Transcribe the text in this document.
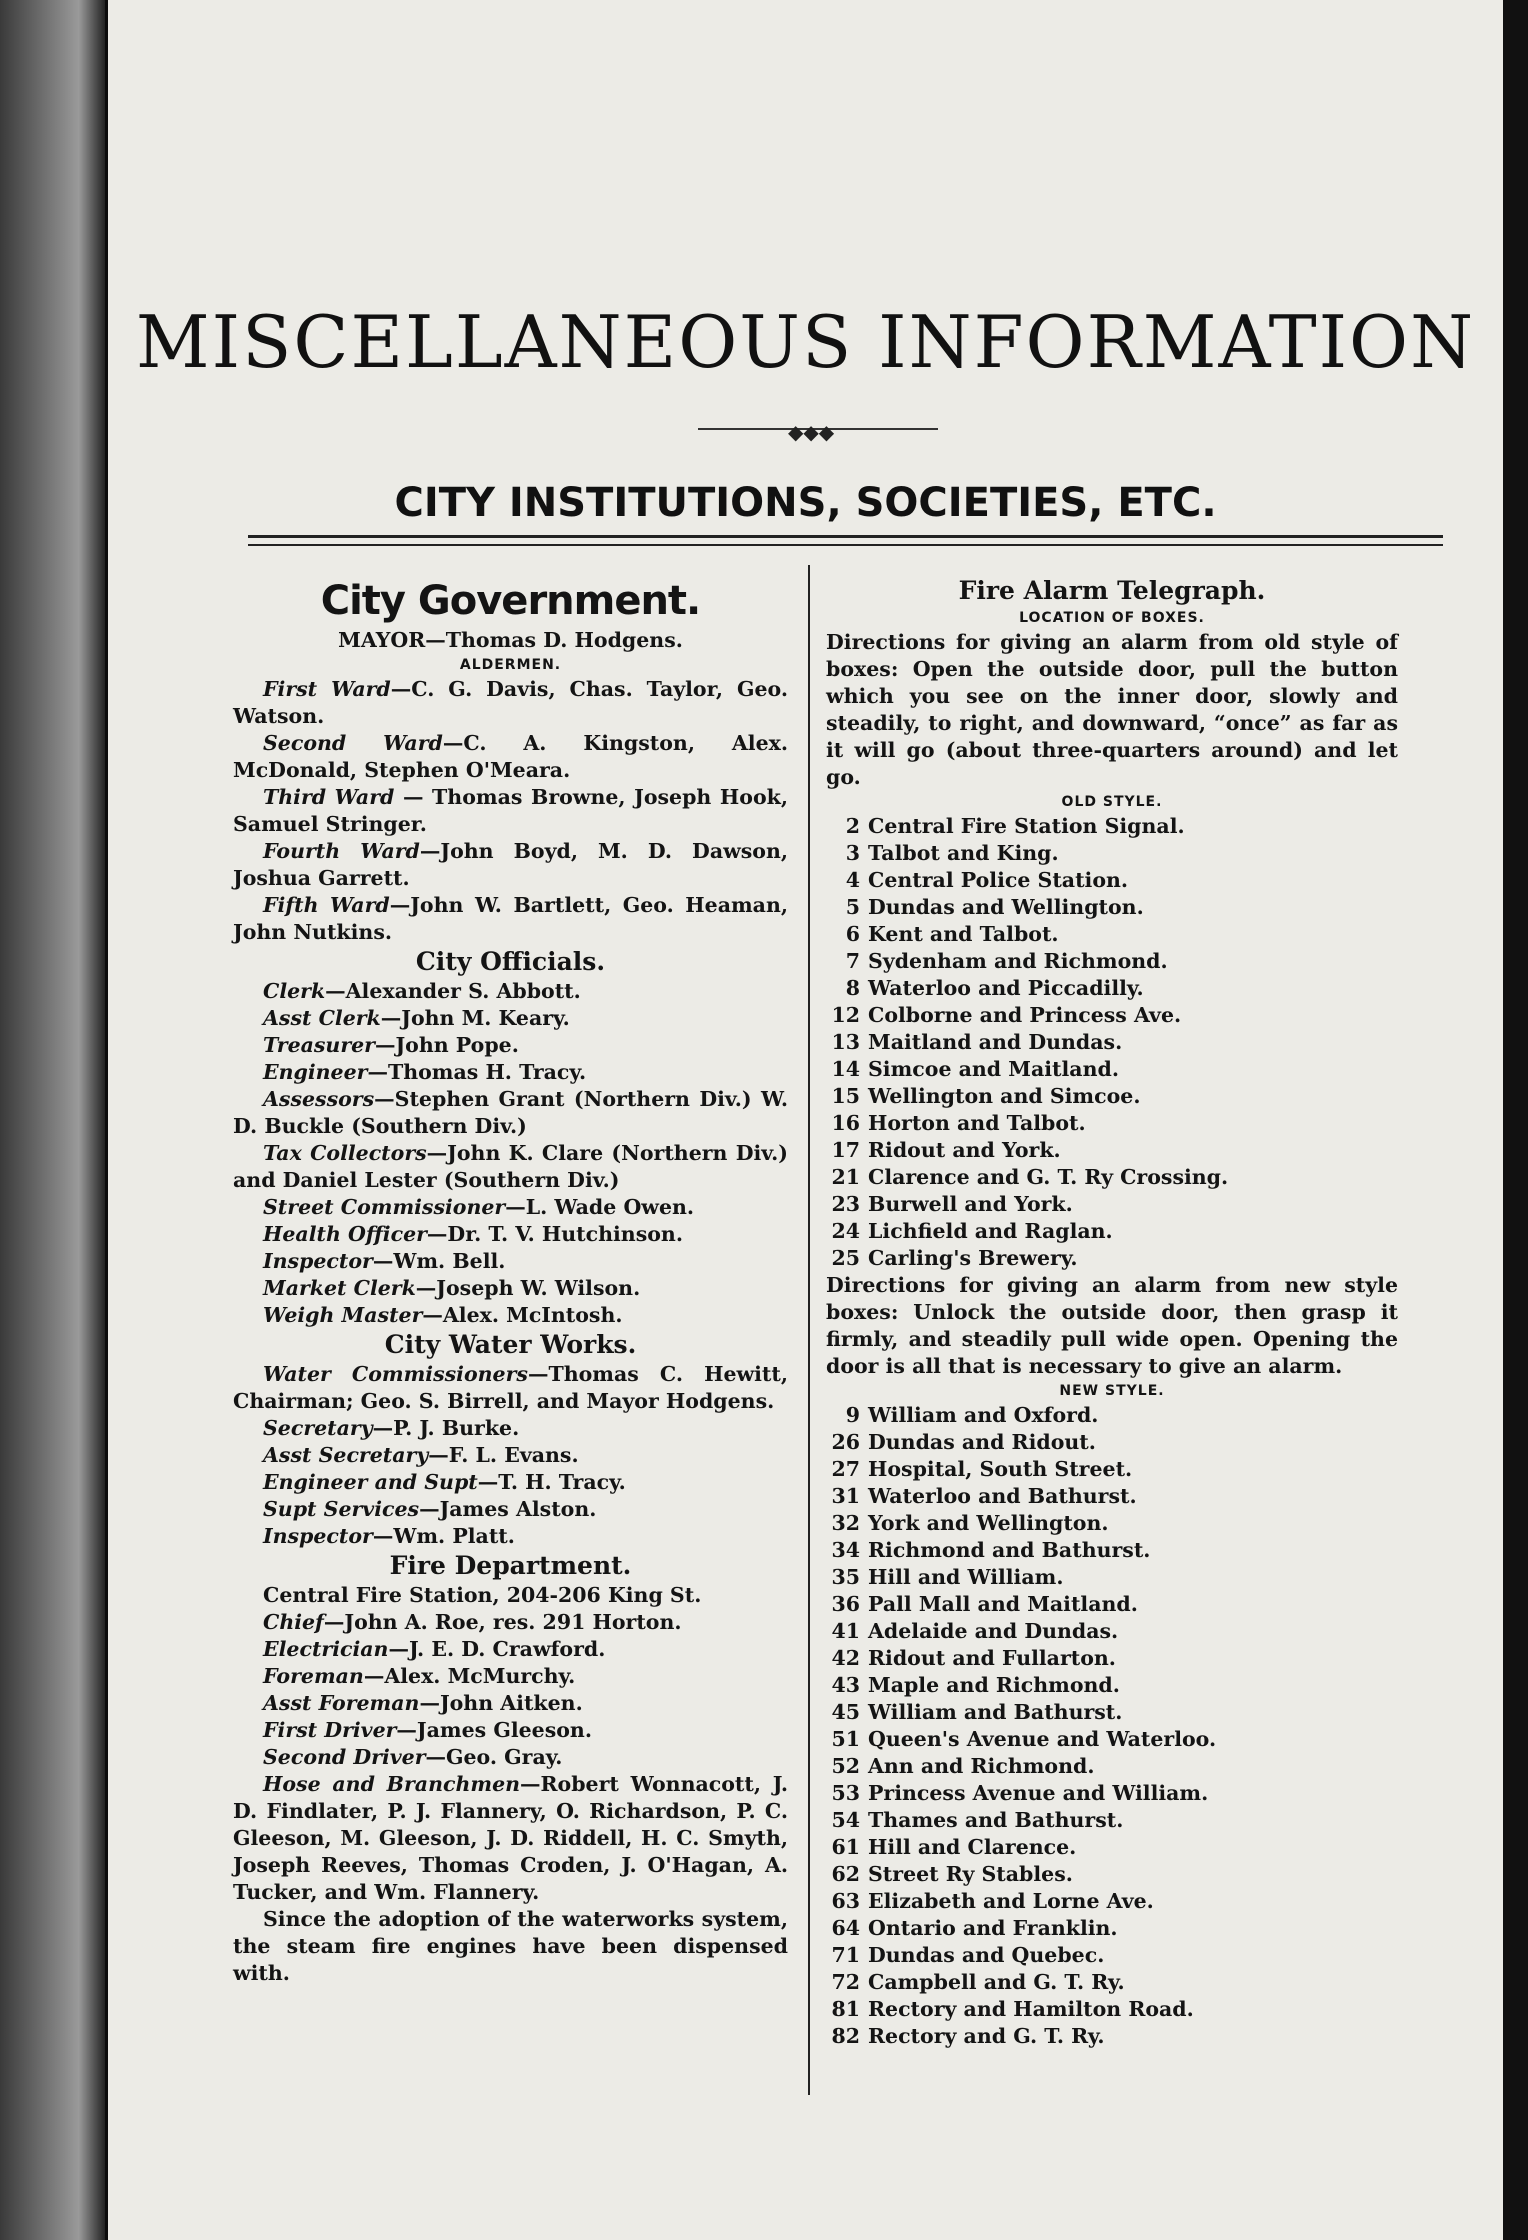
MISCELLANEOUS INFORMATION
◆◆◆
CITY INSTITUTIONS, SOCIETIES, ETC.
City Government.
MAYOR—Thomas D. Hodgens.
ALDERMEN.
First Ward—C. G. Davis, Chas. Taylor, Geo. Watson.
Second Ward—C. A. Kingston, Alex. McDonald, Stephen O'Meara.
Third Ward — Thomas Browne, Joseph Hook, Samuel Stringer.
Fourth Ward—John Boyd, M. D. Dawson, Joshua Garrett.
Fifth Ward—John W. Bartlett, Geo. Heaman, John Nutkins.
City Officials.
Clerk—Alexander S. Abbott.
Asst Clerk—John M. Keary.
Treasurer—John Pope.
Engineer—Thomas H. Tracy.
Assessors—Stephen Grant (Northern Div.) W. D. Buckle (Southern Div.)
Tax Collectors—John K. Clare (Northern Div.) and Daniel Lester (Southern Div.)
Street Commissioner—L. Wade Owen.
Health Officer—Dr. T. V. Hutchinson.
Inspector—Wm. Bell.
Market Clerk—Joseph W. Wilson.
Weigh Master—Alex. McIntosh.
City Water Works.
Water Commissioners—Thomas C. Hewitt, Chairman; Geo. S. Birrell, and Mayor Hodgens.
Secretary—P. J. Burke.
Asst Secretary—F. L. Evans.
Engineer and Supt—T. H. Tracy.
Supt Services—James Alston.
Inspector—Wm. Platt.
Fire Department.
Central Fire Station, 204-206 King St.
Chief—John A. Roe, res. 291 Horton.
Electrician—J. E. D. Crawford.
Foreman—Alex. McMurchy.
Asst Foreman—John Aitken.
First Driver—James Gleeson.
Second Driver—Geo. Gray.
Hose and Branchmen—Robert Wonnacott, J. D. Findlater, P. J. Flannery, O. Richardson, P. C. Gleeson, M. Gleeson, J. D. Riddell, H. C. Smyth, Joseph Reeves, Thomas Croden, J. O'Hagan, A. Tucker, and Wm. Flannery.
Since the adoption of the waterworks system, the steam fire engines have been dispensed with.
Fire Alarm Telegraph.
LOCATION OF BOXES.
Directions for giving an alarm from old style of boxes: Open the outside door, pull the button which you see on the inner door, slowly and steadily, to right, and downward, “once” as far as it will go (about three-quarters around) and let go.
OLD STYLE.
2 Central Fire Station Signal.
3 Talbot and King.
4 Central Police Station.
5 Dundas and Wellington.
6 Kent and Talbot.
7 Sydenham and Richmond.
8 Waterloo and Piccadilly.
12 Colborne and Princess Ave.
13 Maitland and Dundas.
14 Simcoe and Maitland.
15 Wellington and Simcoe.
16 Horton and Talbot.
17 Ridout and York.
21 Clarence and G. T. Ry Crossing.
23 Burwell and York.
24 Lichfield and Raglan.
25 Carling's Brewery.
Directions for giving an alarm from new style boxes: Unlock the outside door, then grasp it firmly, and steadily pull wide open. Opening the door is all that is necessary to give an alarm.
NEW STYLE.
9 William and Oxford.
26 Dundas and Ridout.
27 Hospital, South Street.
31 Waterloo and Bathurst.
32 York and Wellington.
34 Richmond and Bathurst.
35 Hill and William.
36 Pall Mall and Maitland.
41 Adelaide and Dundas.
42 Ridout and Fullarton.
43 Maple and Richmond.
45 William and Bathurst.
51 Queen's Avenue and Waterloo.
52 Ann and Richmond.
53 Princess Avenue and William.
54 Thames and Bathurst.
61 Hill and Clarence.
62 Street Ry Stables.
63 Elizabeth and Lorne Ave.
64 Ontario and Franklin.
71 Dundas and Quebec.
72 Campbell and G. T. Ry.
81 Rectory and Hamilton Road.
82 Rectory and G. T. Ry.
